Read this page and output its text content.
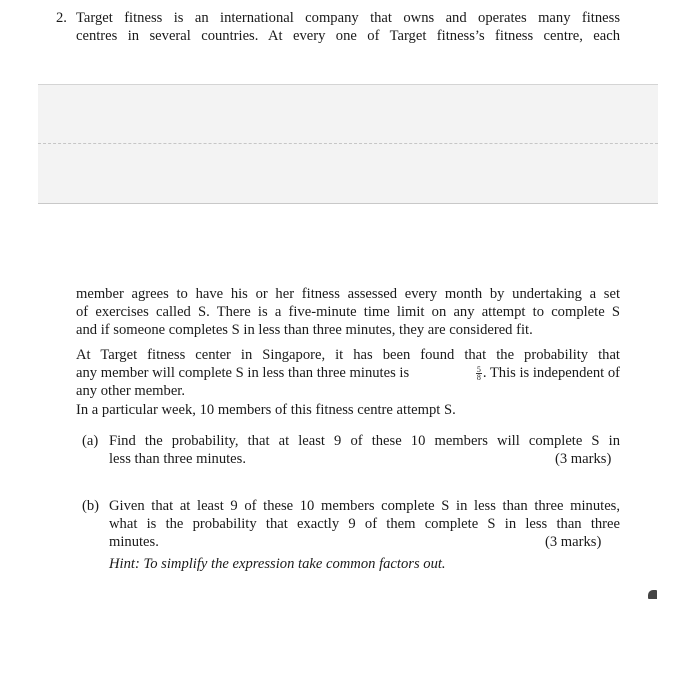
2. Target fitness is an international company that owns and operates many fitness
centres in several countries. At every one of Target fitness’s fitness centre, each
member agrees to have his or her fitness assessed every month by undertaking a set
of exercises called S. There is a five-minute time limit on any attempt to complete S
and if someone completes S in less than three minutes, they are considered fit.
At Target fitness center in Singapore, it has been found that the probability that
any member will complete S in less than three minutes is	$\frac{5}{8}$ . This is independent of
any other member.
In a particular week, 10 members of this fitness centre attempt S.
(a) Find the probability, that at least 9 of these 10 members will complete S in
less than three minutes.	(3 marks)
(b) Given that at least 9 of these 10 members complete S in less than three minutes,
what is the probability that exactly 9 of them complete S in less than three
minutes.	(3 marks)
Hint: To simplify the expression take common factors out.
